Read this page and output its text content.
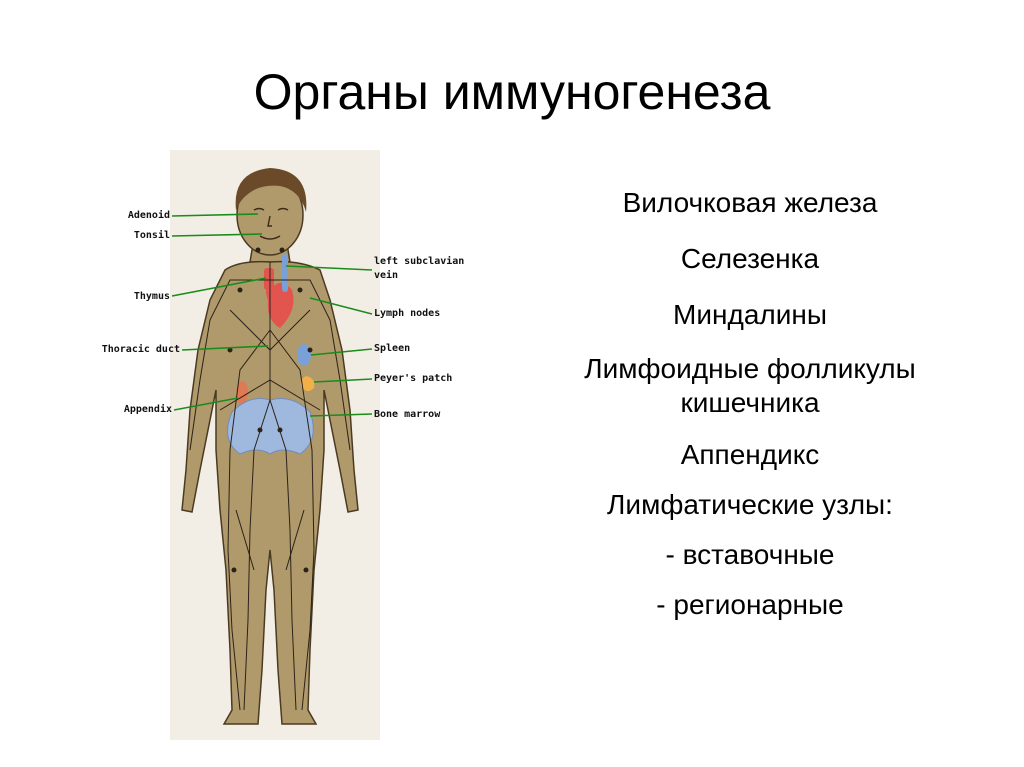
Органы иммуногенеза
Adenoid
Tonsil
Thymus
Thoracic duct
Appendix
left subclavian
vein
Lymph nodes
Spleen
Peyer's patch
Bone marrow
Вилочковая железа
Селезенка
Миндалины
Лимфоидные фолликулы
кишечника
Аппендикс
Лимфатические узлы:
- вставочные
- регионарные
